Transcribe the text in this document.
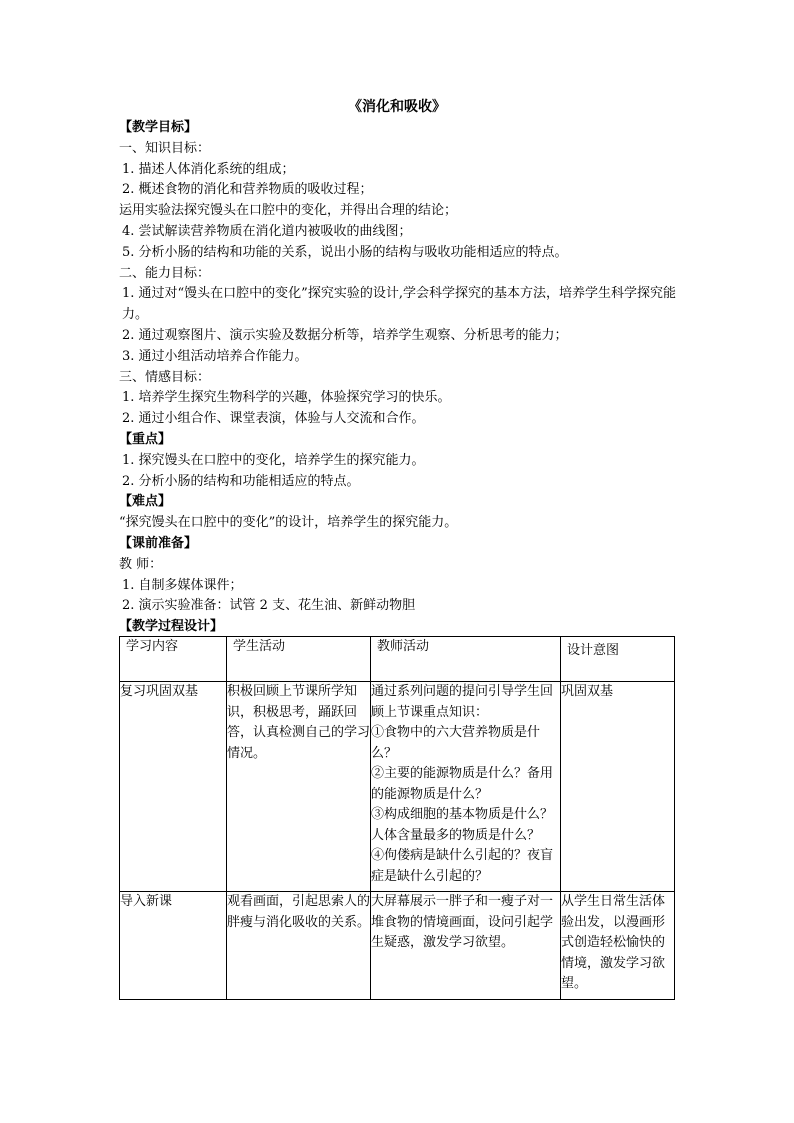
《消化和吸收》
【教学目标】
一、知识目标：
1. 描述人体消化系统的组成；
2. 概述食物的消化和营养物质的吸收过程；
运用实验法探究馒头在口腔中的变化，并得出合理的结论；
4. 尝试解读营养物质在消化道内被吸收的曲线图；
5. 分析小肠的结构和功能的关系，说出小肠的结构与吸收功能相适应的特点。
二、能力目标：
1. 通过对“馒头在口腔中的变化”探究实验的设计,学会科学探究的基本方法，培养学生科学探究能力。
2. 通过观察图片、演示实验及数据分析等，培养学生观察、分析思考的能力；
3. 通过小组活动培养合作能力。
三、情感目标：
1. 培养学生探究生物科学的兴趣，体验探究学习的快乐。
2. 通过小组合作、课堂表演，体验与人交流和合作。
【重点】
1. 探究馒头在口腔中的变化，培养学生的探究能力。
2. 分析小肠的结构和功能相适应的特点。
【难点】
“探究馒头在口腔中的变化”的设计，培养学生的探究能力。
【课前准备】
教 师：
1. 自制多媒体课件；
2. 演示实验准备：试管 2 支、花生油、新鲜动物胆
【教学过程设计】
学习内容	学生活动	教师活动	设计意图
复习巩固双基	积极回顾上节课所学知识，积极思考，踊跃回答，认真检测自己的学习情况。	通过系列问题的提问引导学生回顾上节课重点知识：
①食物中的六大营养物质是什么？
②主要的能源物质是什么？备用的能源物质是什么？
③构成细胞的基本物质是什么？人体含量最多的物质是什么？
④佝偻病是缺什么引起的？夜盲症是缺什么引起的？	巩固双基
导入新课	观看画面，引起思索人的胖瘦与消化吸收的关系。	大屏幕展示一胖子和一瘦子对一堆食物的情境画面，设问引起学生疑惑，激发学习欲望。	从学生日常生活体验出发，以漫画形式创造轻松愉快的情境，激发学习欲望。
